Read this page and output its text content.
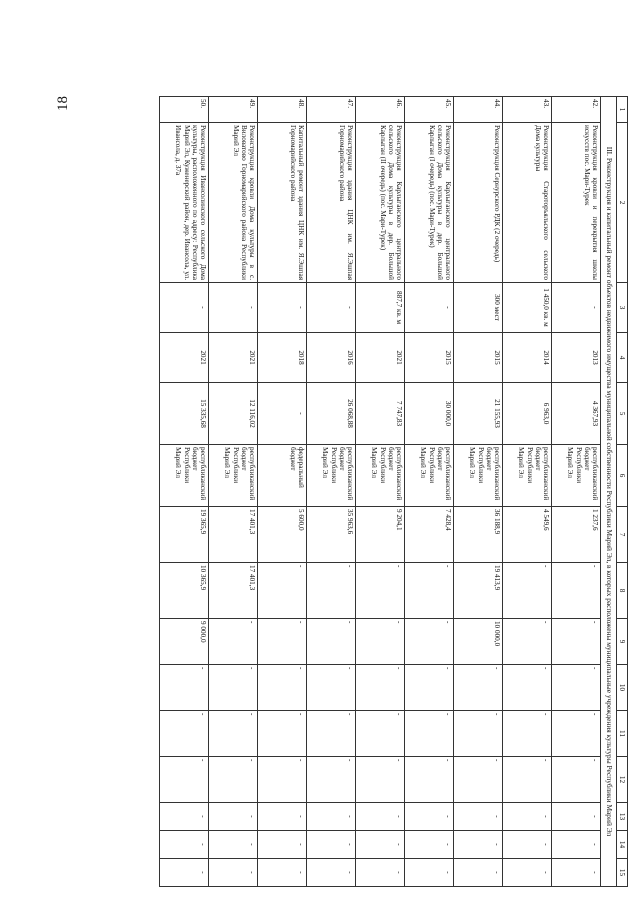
18	1	2	3	4	5	6	7	8	9	10	11	12	13	14	15
III. Реконструкция и капитальный ремонт объектов недвижимого имущества муниципальной собственности Республики Марий Эл, в которых расположены муниципальные учреждения культуры Республики Марий Эл														
42.	Реконструкция кровли и перекрытия школы искусств пос. Мари-Турек	-	2013	4 367,93	республиканский бюджет Республики Марий Эл	1 237,6	-	-	-	-	-	-	-	-
43.	Реконструкция Староторъяльского сельского Дома культуры	1 450,0 кв. м	2014	6 963,0	республиканский бюджет Республики Марий Эл	4 549,6	-	-	-	-	-	-	-	-
44.	Реконструкция Сернурского РДК (2 очередь)	300 мест	2015	21 155,93	республиканский бюджет Республики Марий Эл	36 188,9	19 413,9	10 000,0	-	-	-	-	-	-
45.	Реконструкция Карлыганского центрального сельского Дома культуры в дер. Большой Карлыган (I очередь) (пос. Мари-Турек)	-	2015	30 000,0	республиканский бюджет Республики Марий Эл	7 428,4	-	-	-	-	-	-	-	-
46.	Реконструкция Карлыганского центрального сельского Дома культуры в дер. Большой Карлыган (II очередь) (пос. Мари-Турек)	887,7 кв. м	2021	7 747,83	республиканский бюджет Республики Марий Эл	9 204,1	-	-	-	-	-	-	-	-
47.	Реконструкция здания ЦНК им. Я.Эшпая Горномарийского района	-	2016	26 068,88	республиканский бюджет Республики Марий Эл	35 963,6	-	-	-	-	-	-	-	-
48.	Капитальный ремонт здания ЦНК им. Я.Эшпая Горномарийского района	-	2018	-	федеральный бюджет	5 600,0	-	-	-	-	-	-	-	-
49.	Реконструкция кровли Дома культуры в с. Виловатово Горномарийского района Республики Марий Эл	-	2021	12 116,02	республиканский бюджет Республики Марий Эл	17 401,3	17 401,3	-	-	-	-	-	-	-
50.	Реконструкция Ивансолинского сельского Дома культуры, расположенного по адресу: Республика Марий Эл, Куженерский район, дер. Ивансола, ул. Ивансола, д. 37а	-	2021	15 335,68	республиканский бюджет Республики Марий Эл	19 365,9	10 365,9	9 000,0	-	-	-	-	-	-
